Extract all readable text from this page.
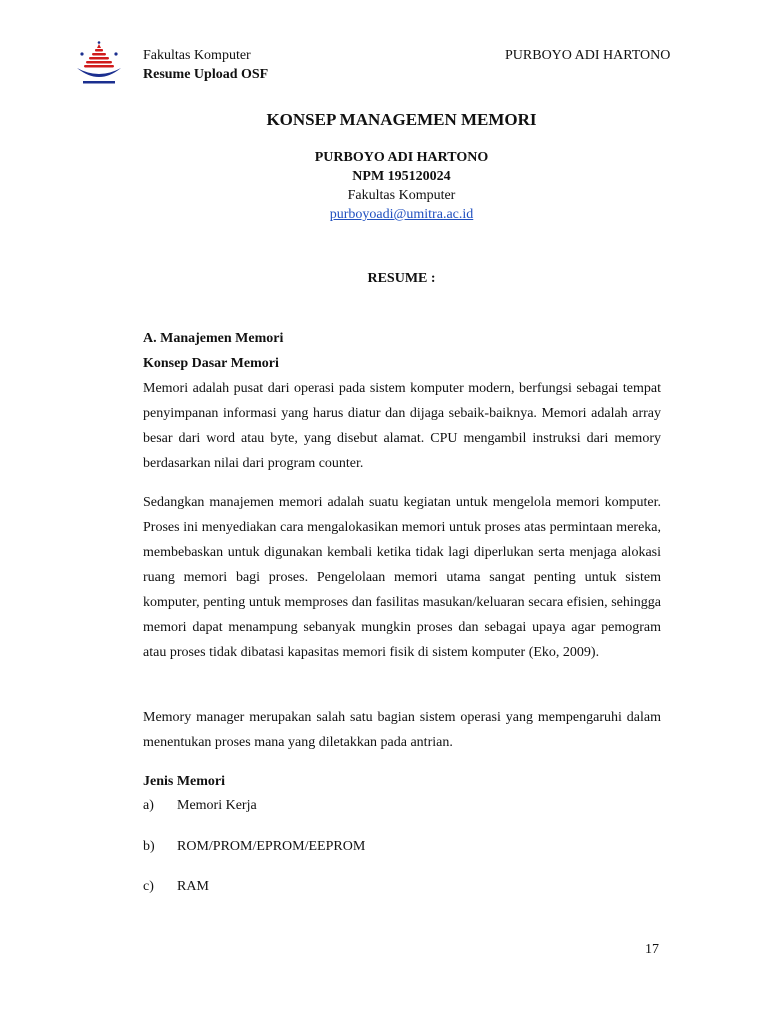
Fakultas Komputer
Resume Upload OSF
PURBOYO ADI HARTONO
KONSEP MANAGEMEN MEMORI
PURBOYO ADI HARTONO
NPM 195120024
Fakultas Komputer
purboyoadi@umitra.ac.id
RESUME :
A. Manajemen Memori
Konsep Dasar Memori

Memori adalah pusat dari operasi pada sistem komputer modern, berfungsi sebagai tempat penyimpanan informasi yang harus diatur dan dijaga sebaik-baiknya. Memori adalah array besar dari word atau byte, yang disebut alamat. CPU mengambil instruksi dari memory berdasarkan nilai dari program counter.

Sedangkan manajemen memori adalah suatu kegiatan untuk mengelola memori komputer. Proses ini menyediakan cara mengalokasikan memori untuk proses atas permintaan mereka, membebaskan untuk digunakan kembali ketika tidak lagi diperlukan serta menjaga alokasi ruang memori bagi proses. Pengelolaan memori utama sangat penting untuk sistem komputer, penting untuk memproses dan fasilitas masukan/keluaran secara efisien, sehingga memori dapat menampung sebanyak mungkin proses dan sebagai upaya agar pemogram atau proses tidak dibatasi kapasitas memori fisik di sistem komputer (Eko, 2009).

Memory manager merupakan salah satu bagian sistem operasi yang mempengaruhi dalam menentukan proses mana yang diletakkan pada antrian.

Jenis Memori
a) Memori Kerja
b) ROM/PROM/EPROM/EEPROM
c) RAM
17
